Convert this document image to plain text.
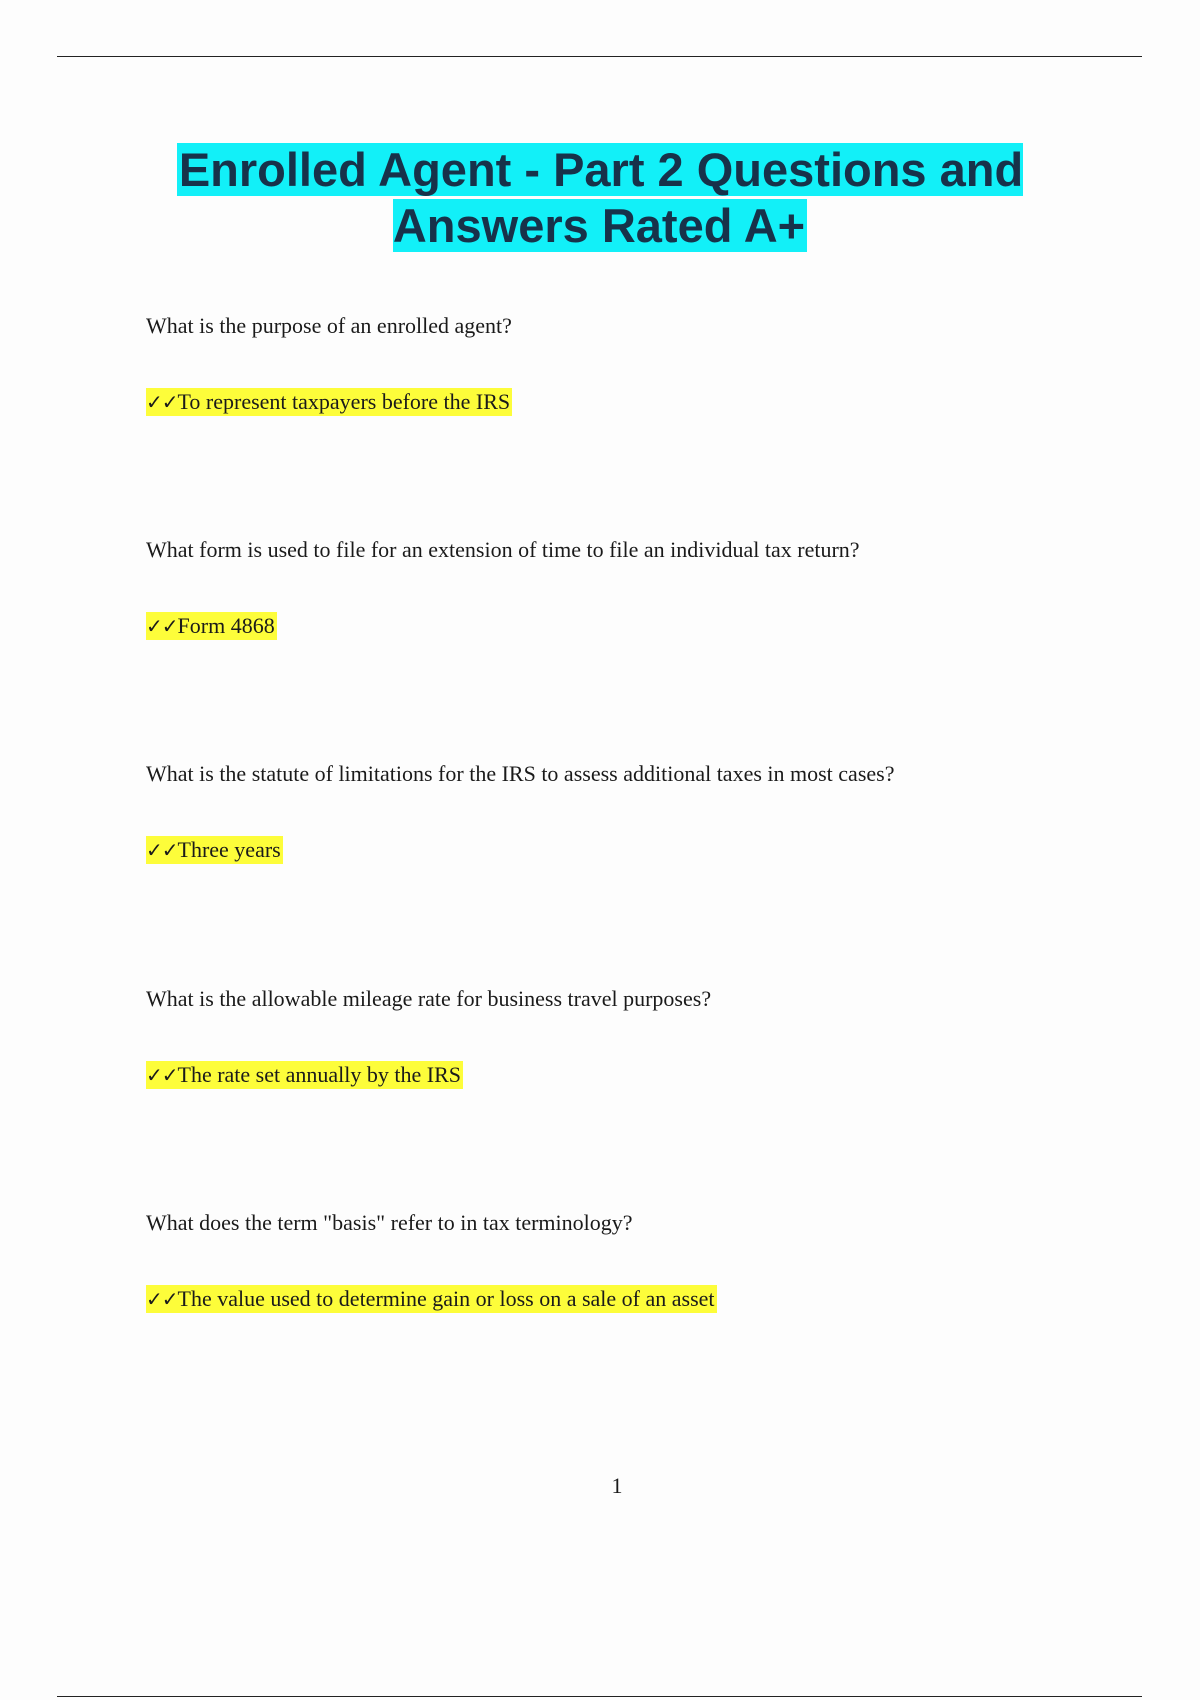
Enrolled Agent - Part 2 Questions and Answers Rated A+

What is the purpose of an enrolled agent?

✓✓To represent taxpayers before the IRS

What form is used to file for an extension of time to file an individual tax return?

✓✓Form 4868

What is the statute of limitations for the IRS to assess additional taxes in most cases?

✓✓Three years

What is the allowable mileage rate for business travel purposes?

✓✓The rate set annually by the IRS

What does the term "basis" refer to in tax terminology?

✓✓The value used to determine gain or loss on a sale of an asset
1
